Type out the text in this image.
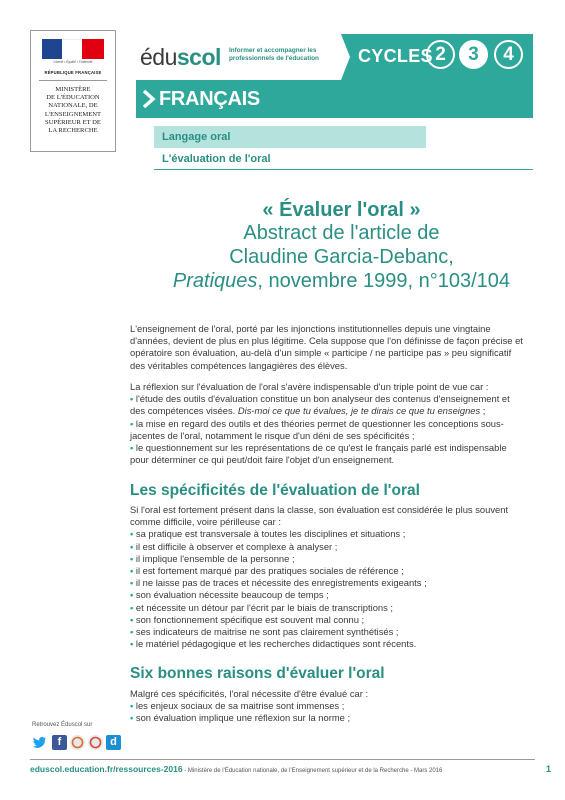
Liberté • Égalité • Fraternité
RÉPUBLIQUE FRANÇAISE
MINISTÈRE
DE L'ÉDUCATION
NATIONALE, DE
L'ENSEIGNEMENT
SUPÉRIEUR ET DE
LA RECHERCHE
éduscol Informer et accompagner les professionnels de l'éducation	CYCLES 2	3	4
FRANÇAIS
Langage oral
L'évaluation de l'oral
« Évaluer l'oral »
Abstract de l'article de
Claudine Garcia-Debanc,
Pratiques, novembre 1999, n°103/104
L'enseignement de l'oral, porté par les injonctions institutionnelles depuis une vingtaine
d'années, devient de plus en plus légitime. Cela suppose que l'on définisse de façon précise et
opératoire son évaluation, au-delà d'un simple « participe / ne participe pas » peu significatif
des véritables compétences langagières des élèves.
La réflexion sur l'évaluation de l'oral s'avère indispensable d'un triple point de vue car :
• l'étude des outils d'évaluation constitue un bon analyseur des contenus d'enseignement et
des compétences visées. Dis-moi ce que tu évalues, je te dirais ce que tu enseignes ;
• la mise en regard des outils et des théories permet de questionner les conceptions sous-
jacentes de l'oral, notamment le risque d'un déni de ses spécificités ;
• le questionnement sur les représentations de ce qu'est le français parlé est indispensable
pour déterminer ce qui peut/doit faire l'objet d'un enseignement.
Les spécificités de l'évaluation de l'oral
Si l'oral est fortement présent dans la classe, son évaluation est considérée le plus souvent
comme difficile, voire périlleuse car :
• sa pratique est transversale à toutes les disciplines et situations ;
• il est difficile à observer et complexe à analyser ;
• il implique l'ensemble de la personne ;
• il est fortement marqué par des pratiques sociales de référence ;
• il ne laisse pas de traces et nécessite des enregistrements exigeants ;
• son évaluation nécessite beaucoup de temps ;
• et nécessite un détour par l'écrit par le biais de transcriptions ;
• son fonctionnement spécifique est souvent mal connu ;
• ses indicateurs de maitrise ne sont pas clairement synthétisés ;
• le matériel pédagogique et les recherches didactiques sont récents.
Six bonnes raisons d'évaluer l'oral
Malgré ces spécificités, l'oral nécessite d'être évalué car :
• les enjeux sociaux de sa maitrise sont immenses ;
• son évaluation implique une réflexion sur la norme ;
Retrouvez Éduscol sur
f	d
eduscol.education.fr/ressources-2016 - Ministère de l'Éducation nationale, de l'Enseignement supérieur et de la Recherche - Mars 2016	1
